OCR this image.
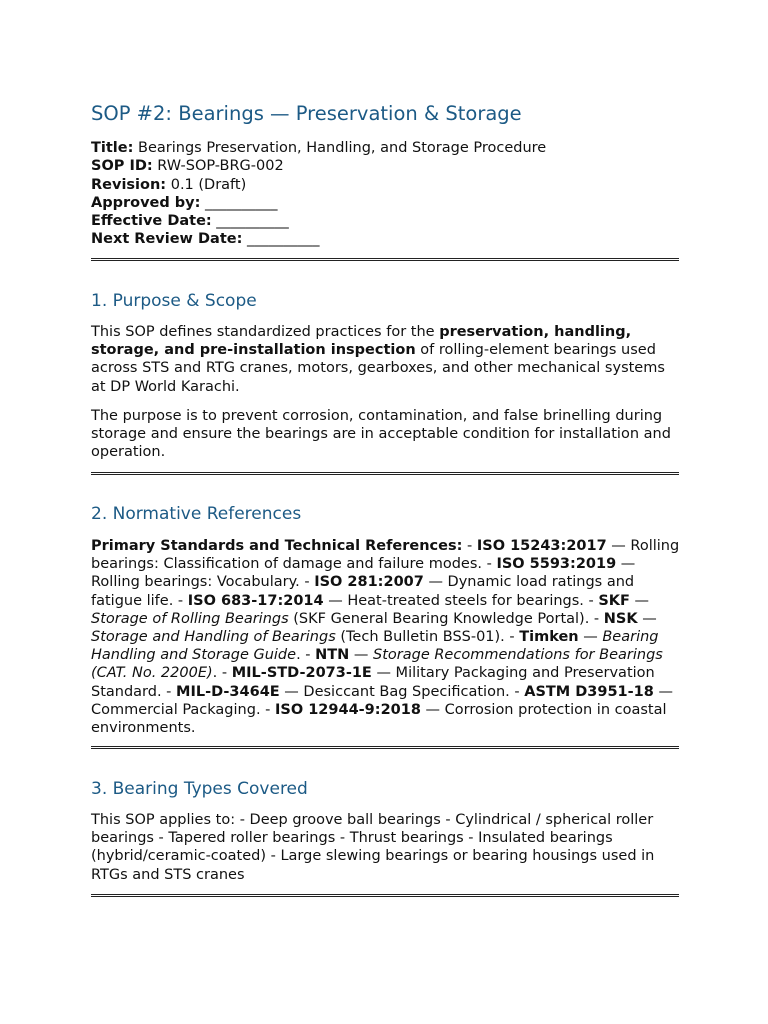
SOP #2: Bearings — Preservation & Storage
Title: Bearings Preservation, Handling, and Storage Procedure
SOP ID: RW-SOP-BRG-002
Revision: 0.1 (Draft)
Approved by: __________
Effective Date: __________
Next Review Date: __________
1. Purpose & Scope
This SOP defines standardized practices for the preservation, handling, storage, and pre-installation inspection of rolling-element bearings used across STS and RTG cranes, motors, gearboxes, and other mechanical systems at DP World Karachi.
The purpose is to prevent corrosion, contamination, and false brinelling during storage and ensure the bearings are in acceptable condition for installation and operation.
2. Normative References
Primary Standards and Technical References: - ISO 15243:2017 — Rolling bearings: Classification of damage and failure modes. - ISO 5593:2019 — Rolling bearings: Vocabulary. - ISO 281:2007 — Dynamic load ratings and fatigue life. - ISO 683-17:2014 — Heat-treated steels for bearings. - SKF — Storage of Rolling Bearings (SKF General Bearing Knowledge Portal). - NSK — Storage and Handling of Bearings (Tech Bulletin BSS-01). - Timken — Bearing Handling and Storage Guide. - NTN — Storage Recommendations for Bearings (CAT. No. 2200E). - MIL-STD-2073-1E — Military Packaging and Preservation Standard. - MIL-D-3464E — Desiccant Bag Specification. - ASTM D3951-18 — Commercial Packaging. - ISO 12944-9:2018 — Corrosion protection in coastal environments.
3. Bearing Types Covered
This SOP applies to: - Deep groove ball bearings - Cylindrical / spherical roller bearings - Tapered roller bearings - Thrust bearings - Insulated bearings (hybrid/ceramic-coated) - Large slewing bearings or bearing housings used in RTGs and STS cranes
